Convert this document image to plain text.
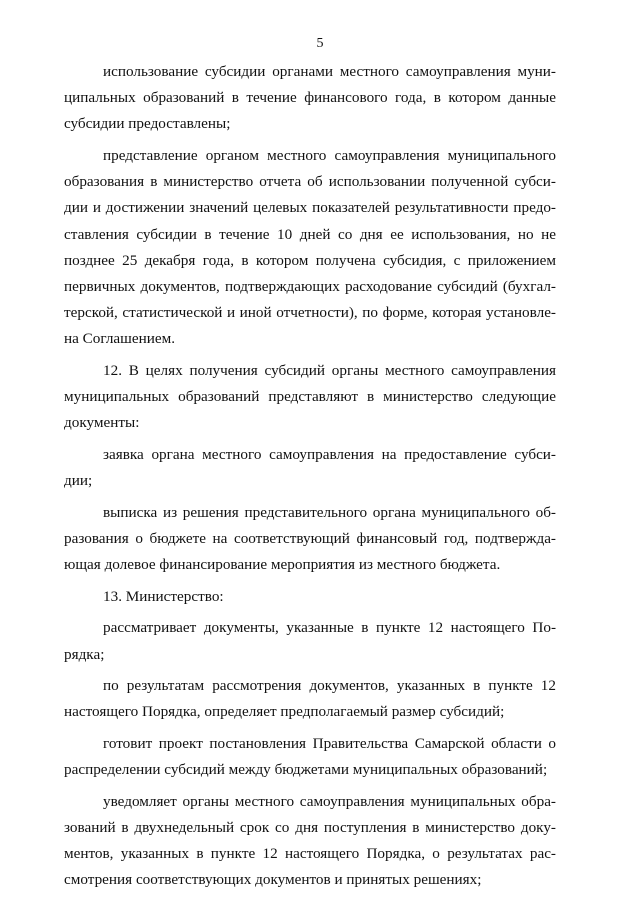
5

использование субсидии органами местного самоуправления муни-
ципальных образований в течение финансового года, в котором данные
субсидии предоставлены;

представление органом местного самоуправления муниципального
образования в министерство отчета об использовании полученной субси-
дии и достижении значений целевых показателей результативности предо-
ставления субсидии в течение 10 дней со дня ее использования, но не
позднее 25 декабря года, в котором получена субсидия, с приложением
первичных документов, подтверждающих расходование субсидий (бухгал-
терской, статистической и иной отчетности), по форме, которая установле-
на Соглашением.

12. В целях получения субсидий органы местного самоуправления
муниципальных образований представляют в министерство следующие
документы:

заявка органа местного самоуправления на предоставление субси-
дии;

выписка из решения представительного органа муниципального об-
разования о бюджете на соответствующий финансовый год, подтвержда-
ющая долевое финансирование мероприятия из местного бюджета.

13. Министерство:

рассматривает документы, указанные в пункте 12 настоящего По-
рядка;

по результатам рассмотрения документов, указанных в пункте 12
настоящего Порядка, определяет предполагаемый размер субсидий;

готовит проект постановления Правительства Самарской области о
распределении субсидий между бюджетами муниципальных образований;

уведомляет органы местного самоуправления муниципальных обра-
зований в двухнедельный срок со дня поступления в министерство доку-
ментов, указанных в пункте 12 настоящего Порядка, о результатах рас-
смотрения соответствующих документов и принятых решениях;
